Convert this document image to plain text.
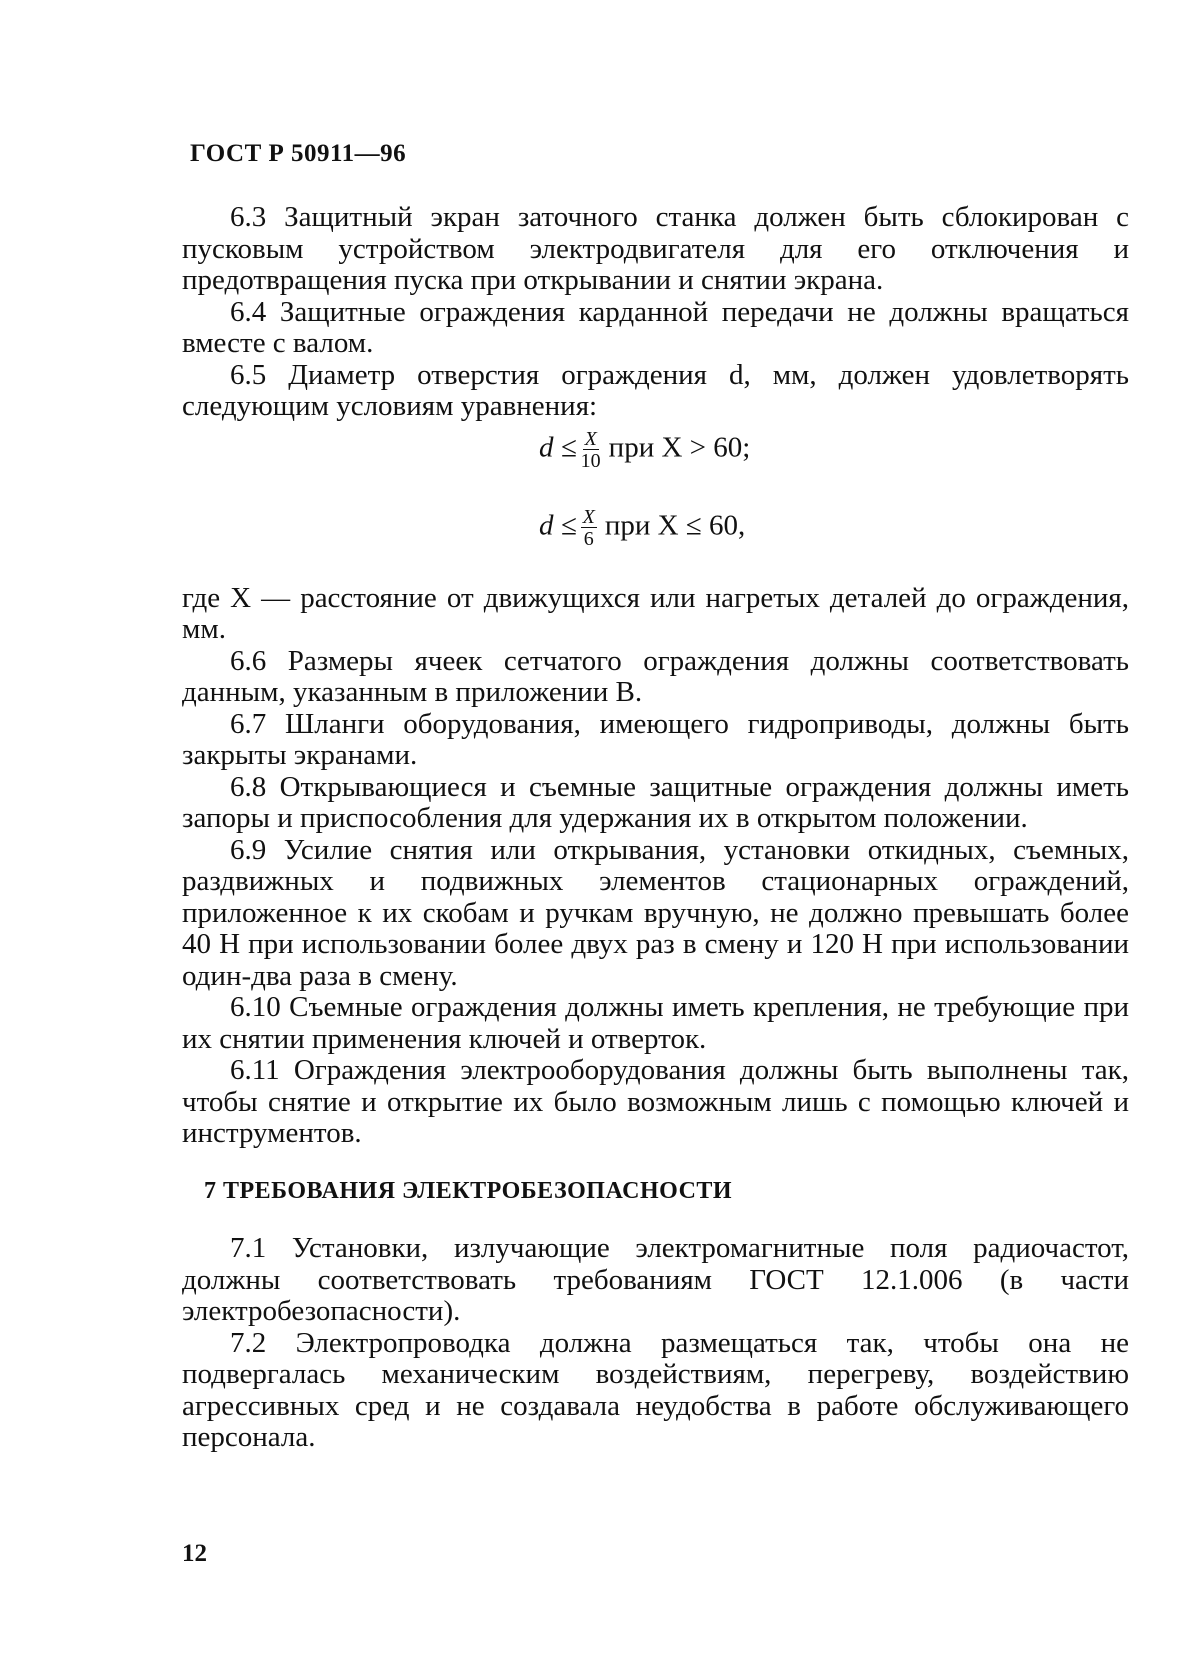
ГОСТ Р 50911—96

6.3 Защитный экран заточного станка должен быть сблокирован с пусковым устройством электродвигателя для его отключения и предотвращения пуска при открывании и снятии экрана.

6.4 Защитные ограждения карданной передачи не должны вращаться вместе с валом.

6.5 Диаметр отверстия ограждения d, мм, должен удовлетворять следующим условиям уравнения:

$d \le \frac{X}{10}$ при X > 60;
$d \le \frac{X}{6}$ при X ≤ 60,

где X — расстояние от движущихся или нагретых деталей до ограждения, мм.

6.6 Размеры ячеек сетчатого ограждения должны соответствовать данным, указанным в приложении В.

6.7 Шланги оборудования, имеющего гидроприводы, должны быть закрыты экранами.

6.8 Открывающиеся и съемные защитные ограждения должны иметь запоры и приспособления для удержания их в открытом положении.

6.9 Усилие снятия или открывания, установки откидных, съемных, раздвижных и подвижных элементов стационарных ограждений, приложенное к их скобам и ручкам вручную, не должно превышать более 40 Н при использовании более двух раз в смену и 120 Н при использовании один-два раза в смену.

6.10 Съемные ограждения должны иметь крепления, не требующие при их снятии применения ключей и отверток.

6.11 Ограждения электрооборудования должны быть выполнены так, чтобы снятие и открытие их было возможным лишь с помощью ключей и инструментов.

7 ТРЕБОВАНИЯ ЭЛЕКТРОБЕЗОПАСНОСТИ

7.1 Установки, излучающие электромагнитные поля радиочастот, должны соответствовать требованиям ГОСТ 12.1.006 (в части электробезопасности).

7.2 Электропроводка должна размещаться так, чтобы она не подвергалась механическим воздействиям, перегреву, воздействию агрессивных сред и не создавала неудобства в работе обслуживающего персонала.

12
